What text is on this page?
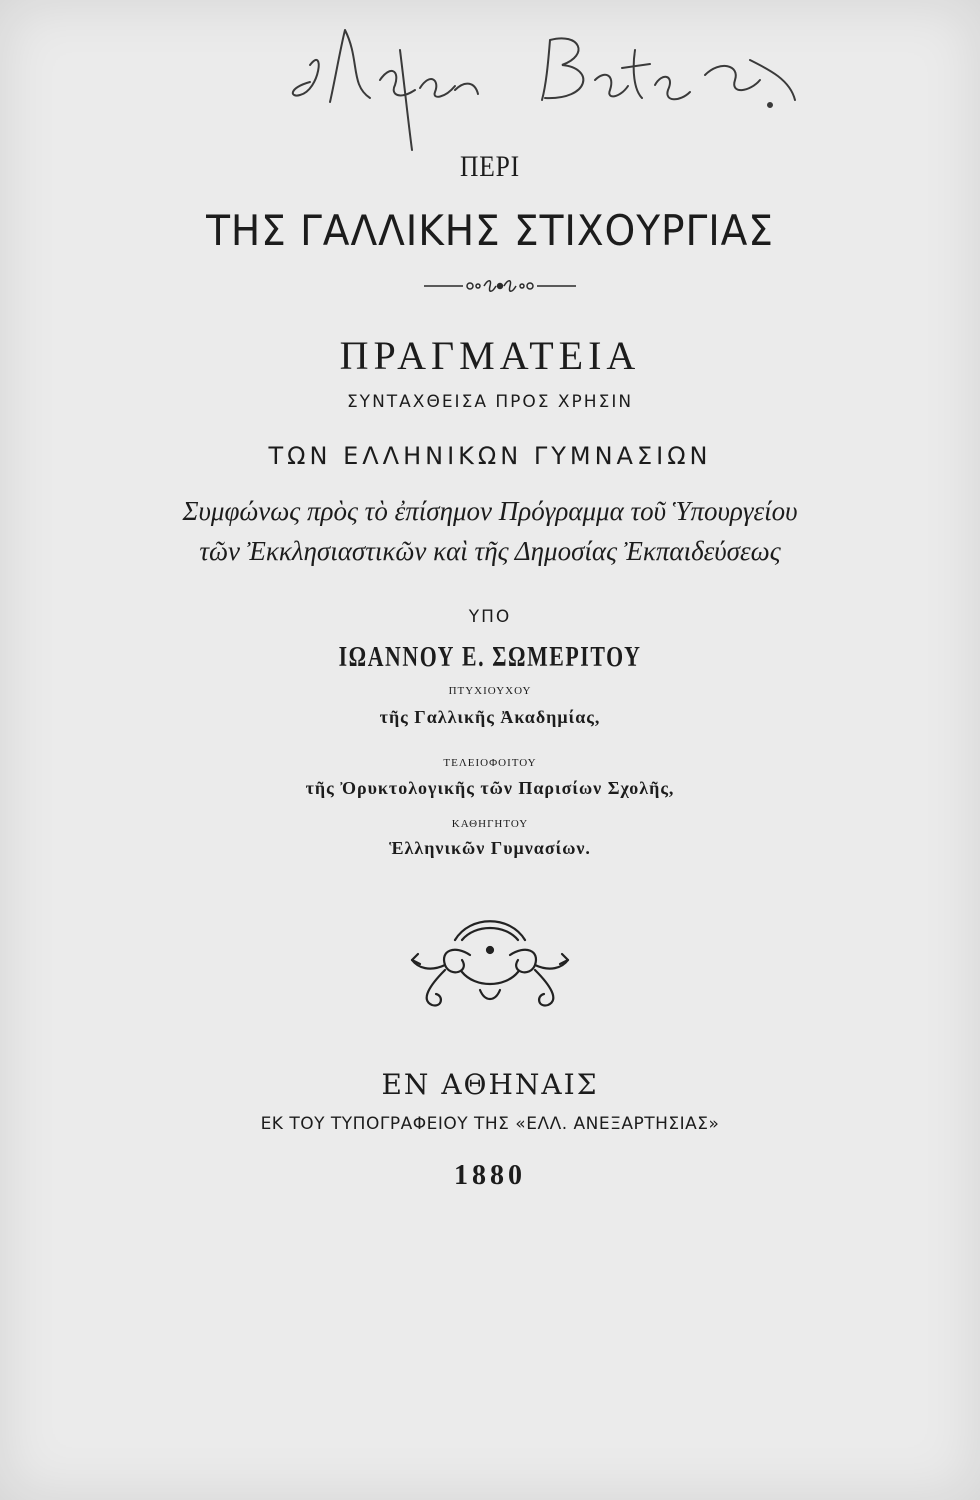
ΠΕΡΙ

ΤΗΣ ΓΑΛΛΙΚΗΣ ΣΤΙΧΟΥΡΓΙΑΣ

ΠΡΑΓΜΑΤΕΙΑ

ΣΥΝΤΑΧΘΕΙΣΑ ΠΡΟΣ ΧΡΗΣΙΝ

ΤΩΝ ΕΛΛΗΝΙΚΩΝ ΓΥΜΝΑΣΙΩΝ

Συμφώνως πρὸς τὸ ἐπίσημον Πρόγραμμα τοῦ Ὑπουργείου

τῶν Ἐκκλησιαστικῶν καὶ τῆς Δημοσίας Ἐκπαιδεύσεως

ΥΠΟ

ΙΩΑΝΝΟΥ Ε. ΣΩΜΕΡΙΤΟΥ

ΠΤΥΧΙΟΥΧΟΥ

τῆς Γαλλικῆς Ἀκαδημίας,

ΤΕΛΕΙΟΦΟΙΤΟΥ

τῆς Ὀρυκτολογικῆς τῶν Παρισίων Σχολῆς,

ΚΑΘΗΓΗΤΟΥ

Ἑλληνικῶν Γυμνασίων.

ΕΝ ΑΘΗΝΑΙΣ

ΕΚ ΤΟΥ ΤΥΠΟΓΡΑΦΕΙΟΥ ΤΗΣ «ΕΛΛ. ΑΝΕΞΑΡΤΗΣΙΑΣ»

1880
